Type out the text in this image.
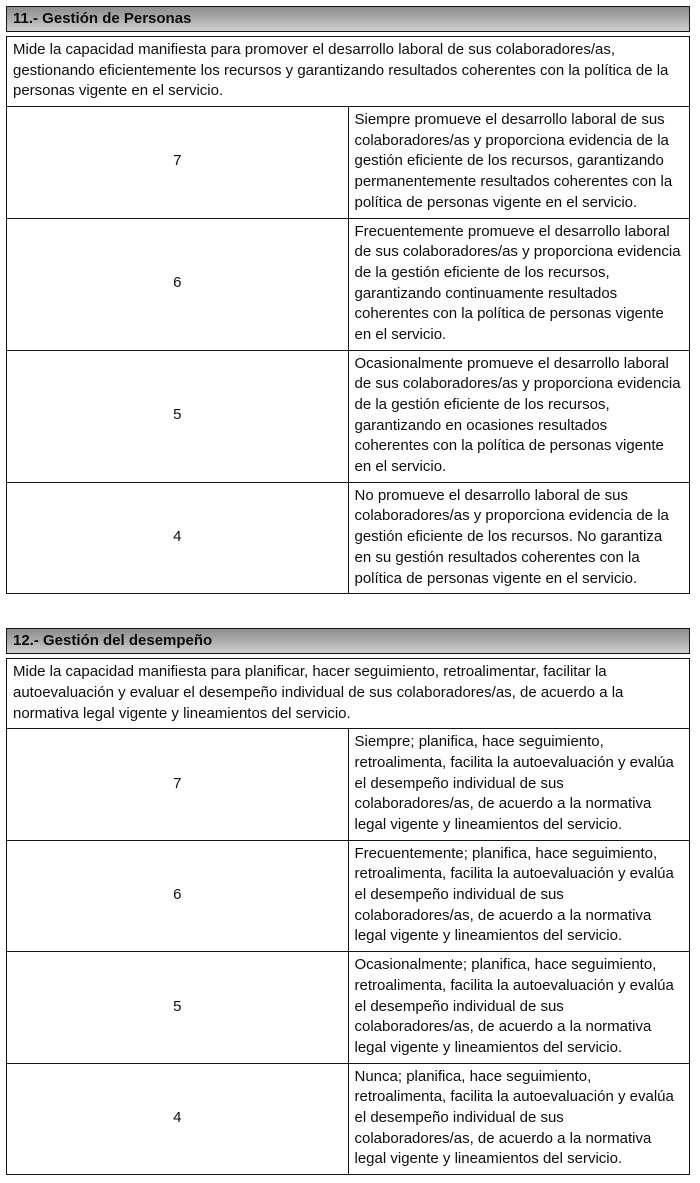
11.- Gestión de Personas
Mide la capacidad manifiesta para promover el desarrollo laboral de sus colaboradores/as, gestionando eficientemente los recursos y garantizando resultados coherentes con la política de la personas vigente en el servicio.	
7	Siempre promueve el desarrollo laboral de sus colaboradores/as y proporciona evidencia de la gestión eficiente de los recursos, garantizando permanentemente resultados coherentes con la política de personas vigente en el servicio.
6	Frecuentemente promueve el desarrollo laboral de sus colaboradores/as y proporciona evidencia de la gestión eficiente de los recursos, garantizando continuamente resultados coherentes con la política de personas vigente en el servicio.
5	Ocasionalmente promueve el desarrollo laboral de sus colaboradores/as y proporciona evidencia de la gestión eficiente de los recursos, garantizando en ocasiones resultados coherentes con la política de personas vigente en el servicio.
4	No promueve el desarrollo laboral de sus colaboradores/as y proporciona evidencia de la gestión eficiente de los recursos. No garantiza en su gestión resultados coherentes con la política de personas vigente en el servicio.
12.- Gestión del desempeño
Mide la capacidad manifiesta para planificar, hacer seguimiento, retroalimentar, facilitar la autoevaluación y evaluar el desempeño individual de sus colaboradores/as, de acuerdo a la normativa legal vigente y lineamientos del servicio.	
7	Siempre; planifica, hace seguimiento, retroalimenta, facilita la autoevaluación y evalúa el desempeño individual de sus colaboradores/as, de acuerdo a la normativa legal vigente y lineamientos del servicio.
6	Frecuentemente; planifica, hace seguimiento, retroalimenta, facilita la autoevaluación y evalúa el desempeño individual de sus colaboradores/as, de acuerdo a la normativa legal vigente y lineamientos del servicio.
5	Ocasionalmente; planifica, hace seguimiento, retroalimenta, facilita la autoevaluación y evalúa el desempeño individual de sus colaboradores/as, de acuerdo a la normativa legal vigente y lineamientos del servicio.
4	Nunca; planifica, hace seguimiento, retroalimenta, facilita la autoevaluación y evalúa el desempeño individual de sus colaboradores/as, de acuerdo a la normativa legal vigente y lineamientos del servicio.
